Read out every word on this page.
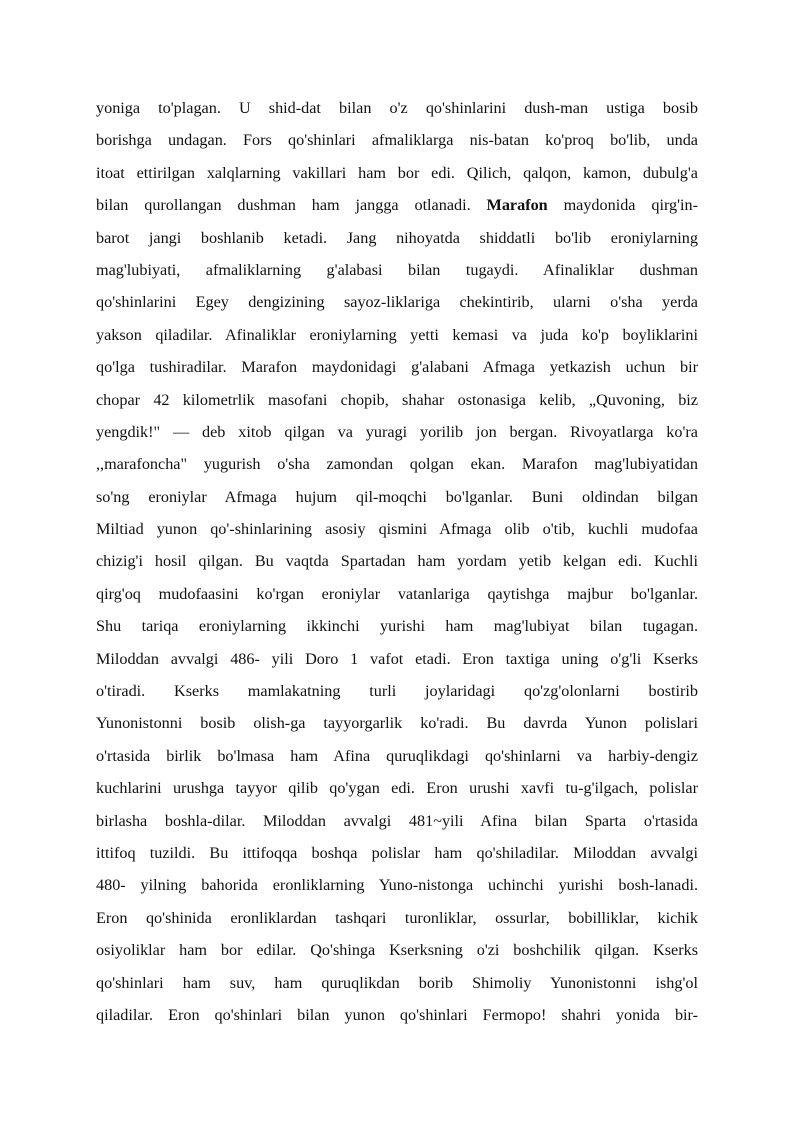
yoniga to'plagan. U shid-dat bilan o'z qo'shinlarini dush-man ustiga bosib
borishga undagan. Fors qo'shinlari afmaliklarga nis-batan ko'proq bo'lib, unda
itoat ettirilgan xalqlarning vakillari ham bor edi. Qilich, qalqon, kamon, dubulg'a
bilan qurollangan dushman ham jangga otlanadi. Marafon maydonida qirg'in-
barot jangi boshlanib ketadi. Jang nihoyatda shiddatli bo'lib eroniylarning
mag'lubiyati, afmaliklarning g'alabasi bilan tugaydi. Afinaliklar dushman
qo'shinlarini Egey dengizining sayoz-liklariga chekintirib, ularni o'sha yerda
yakson qiladilar. Afinaliklar eroniylarning yetti kemasi va juda ko'p boyliklarini
qo'lga tushiradilar. Marafon maydonidagi g'alabani Afmaga yetkazish uchun bir
chopar 42 kilometrlik masofani chopib, shahar ostonasiga kelib, „Quvoning, biz
yengdik!" — deb xitob qilgan va yuragi yorilib jon bergan. Rivoyatlarga ko'ra
,,marafoncha" yugurish o'sha zamondan qolgan ekan. Marafon mag'lubiyatidan
so'ng eroniylar Afmaga hujum qil-moqchi bo'lganlar. Buni oldindan bilgan
Miltiad yunon qo'-shinlarining asosiy qismini Afmaga olib o'tib, kuchli mudofaa
chizig'i hosil qilgan. Bu vaqtda Spartadan ham yordam yetib kelgan edi. Kuchli
qirg'oq mudofaasini ko'rgan eroniylar vatanlariga qaytishga majbur bo'lganlar.
Shu tariqa eroniylarning ikkinchi yurishi ham mag'lubiyat bilan tugagan.
Miloddan avvalgi 486- yili Doro 1 vafot etadi. Eron taxtiga uning o'g'li Kserks
o'tiradi. Kserks mamlakatning turli joylaridagi qo'zg'olonlarni bostirib
Yunonistonni bosib olish-ga tayyorgarlik ko'radi. Bu davrda Yunon polislari
o'rtasida birlik bo'lmasa ham Afina quruqlikdagi qo'shinlarni va harbiy-dengiz
kuchlarini urushga tayyor qilib qo'ygan edi. Eron urushi xavfi tu-g'ilgach, polislar
birlasha boshla-dilar. Miloddan avvalgi 481~yili Afina bilan Sparta o'rtasida
ittifoq tuzildi. Bu ittifoqqa boshqa polislar ham qo'shiladilar. Miloddan avvalgi
480- yilning bahorida eronliklarning Yuno-nistonga uchinchi yurishi bosh-lanadi.
Eron qo'shinida eronliklardan tashqari turonliklar, ossurlar, bobilliklar, kichik
osiyoliklar ham bor edilar. Qo'shinga Kserksning o'zi boshchilik qilgan. Kserks
qo'shinlari ham suv, ham quruqlikdan borib Shimoliy Yunonistonni ishg'ol
qiladilar. Eron qo'shinlari bilan yunon qo'shinlari Fermopo! shahri yonida bir-
